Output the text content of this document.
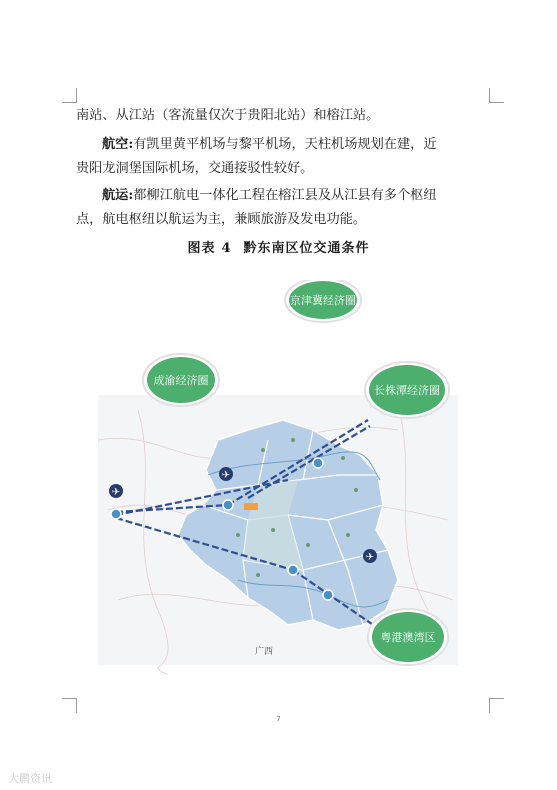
南站、从江站（客流量仅次于贵阳北站）和榕江站。
航空:有凯里黄平机场与黎平机场，天柱机场规划在建，近
贵阳龙洞堡国际机场，交通接驳性较好。
航运:都柳江航电一体化工程在榕江县及从江县有多个枢纽
点，航电枢纽以航运为主，兼顾旅游及发电功能。
图表 4 黔东南区位交通条件
✈
✈
✈
广西
京津冀经济圈
成渝经济圈
长株潭经济圈
粤港澳湾区
7
大鹏资讯
